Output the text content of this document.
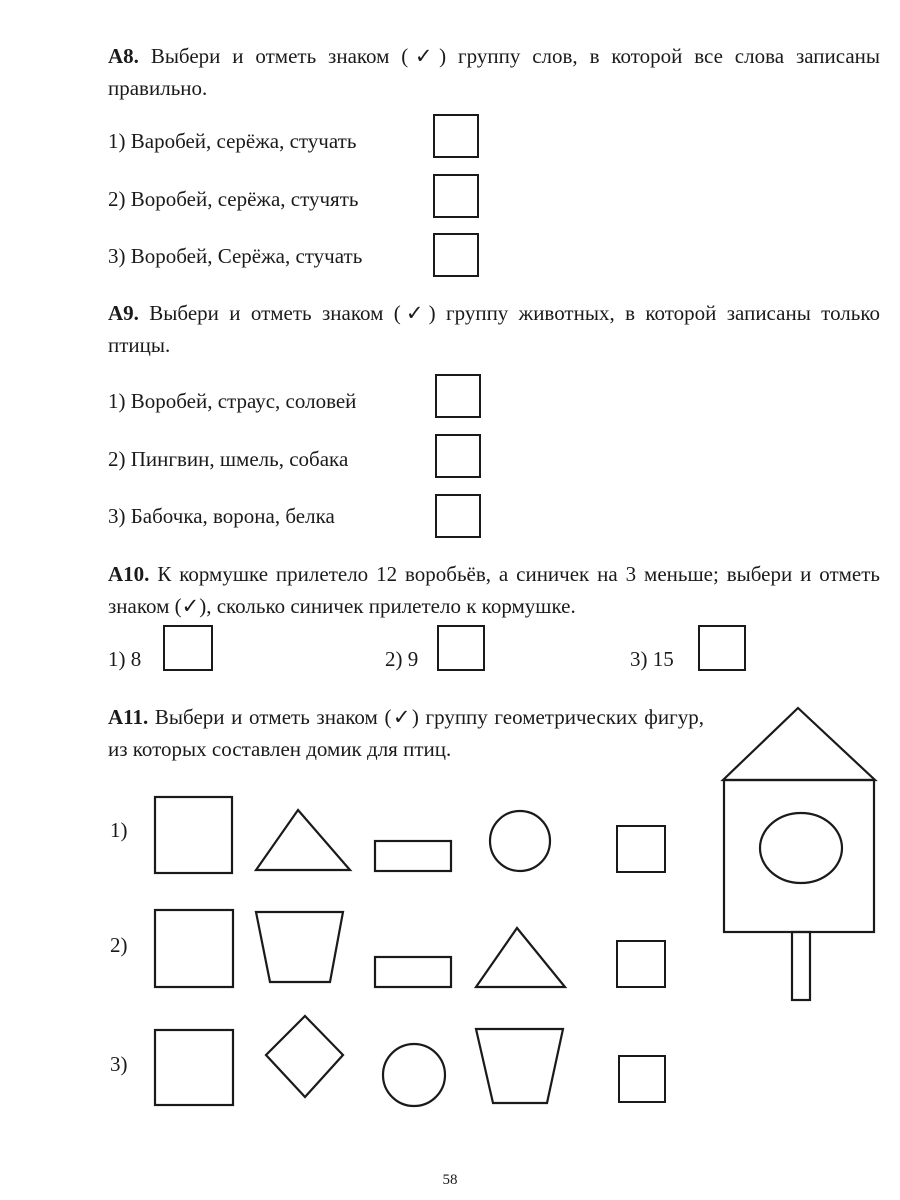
А8. Выбери и отметь знаком (✓) группу слов, в которой все слова записаны правильно.

1) Варобей, серёжа, стучать
2) Воробей, серёжа, стучять
3) Воробей, Серёжа, стучать

А9. Выбери и отметь знаком (✓) группу животных, в которой записаны только птицы.

1) Воробей, страус, соловей
2) Пингвин, шмель, собака
3) Бабочка, ворона, белка

А10. К кормушке прилетело 12 воробьёв, а синичек на 3 меньше; выбери и отметь знаком (✓), сколько синичек прилетело к кормушке.

1) 8	2) 9	3) 15

А11. Выбери и отметь знаком (✓) группу геометрических фигур, из которых составлен домик для птиц.

1)
2)
3)
58
